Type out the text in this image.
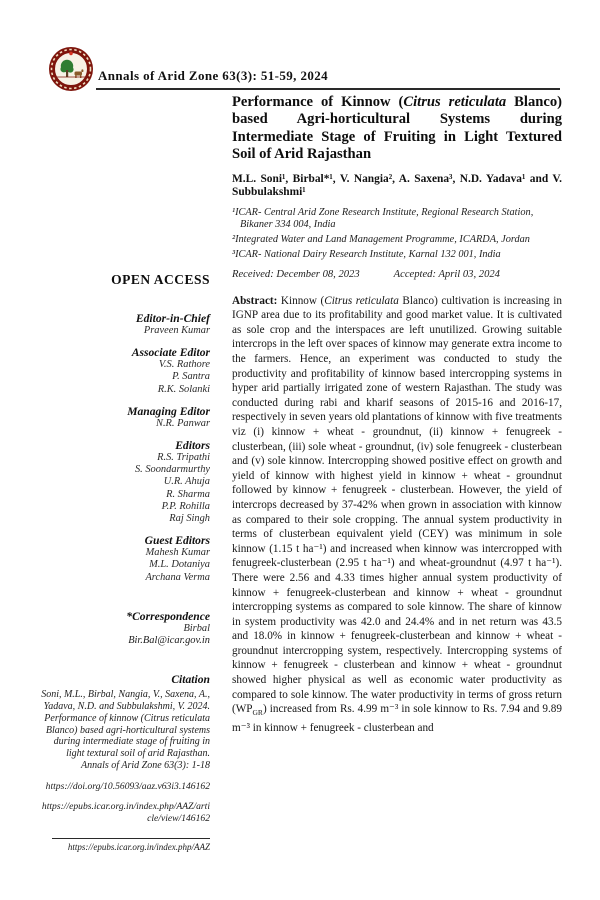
Annals of Arid Zone 63(3): 51-59, 2024
Performance of Kinnow (Citrus reticulata Blanco) based Agri-horticultural Systems during Intermediate Stage of Fruiting in Light Textured Soil of Arid Rajasthan
M.L. Soni¹, Birbal*¹, V. Nangia², A. Saxena³, N.D. Yadava¹ and V. Subbulakshmi¹
¹ICAR- Central Arid Zone Research Institute, Regional Research Station, Bikaner 334 004, India
²Integrated Water and Land Management Programme, ICARDA, Jordan
³ICAR- National Dairy Research Institute, Karnal 132 001, India
Received: December 08, 2023	Accepted: April 03, 2024

Abstract: Kinnow (Citrus reticulata Blanco) cultivation is increasing in IGNP area due to its profitability and good market value. It is cultivated as sole crop and the interspaces are left unutilized. Growing suitable intercrops in the left over spaces of kinnow may generate extra income to the farmers. Hence, an experiment was conducted to study the productivity and profitability of kinnow based intercropping systems in hyper arid partially irrigated zone of western Rajasthan. The study was conducted during rabi and kharif seasons of 2015-16 and 2016-17, respectively in seven years old plantations of kinnow with five treatments viz (i) kinnow + wheat - groundnut, (ii) kinnow + fenugreek - clusterbean, (iii) sole wheat - groundnut, (iv) sole fenugreek - clusterbean and (v) sole kinnow. Intercropping showed positive effect on growth and yield of kinnow with highest yield in kinnow + wheat - groundnut followed by kinnow + fenugreek - clusterbean. However, the yield of intercrops decreased by 37-42% when grown in association with kinnow as compared to their sole cropping. The annual system productivity in terms of clusterbean equivalent yield (CEY) was minimum in sole kinnow (1.15 t ha⁻¹) and increased when kinnow was intercropped with fenugreek-clusterbean (2.95 t ha⁻¹) and wheat-groundnut (4.97 t ha⁻¹). There were 2.56 and 4.33 times higher annual system productivity of kinnow + fenugreek-clusterbean and kinnow + wheat - groundnut intercropping systems as compared to sole kinnow. The share of kinnow in system productivity was 42.0 and 24.4% and in net return was 43.5 and 18.0% in kinnow + fenugreek-clusterbean and kinnow + wheat - groundnut intercropping system, respectively. Intercropping systems of kinnow + fenugreek - clusterbean and kinnow + wheat - groundnut showed higher physical as well as economic water productivity as compared to sole kinnow. The water productivity in terms of gross return $(WP_{GR})$ increased from Rs. 4.99 m⁻³ in sole kinnow to Rs. 7.94 and 9.89 m⁻³ in kinnow + fenugreek - clusterbean and

OPEN ACCESS
Editor-in-Chief
Praveen Kumar
Associate Editor
V.S. Rathore
P. Santra
R.K. Solanki
Managing Editor
N.R. Panwar
Editors
R.S. Tripathi
S. Soondarmurthy
U.R. Ahuja
R. Sharma
P.P. Rohilla
Raj Singh
Guest Editors
Mahesh Kumar
M.L. Dotaniya
Archana Verma
*Correspondence
Birbal
Bir.Bal@icar.gov.in
Citation
Soni, M.L., Birbal, Nangia, V., Saxena, A., Yadava, N.D. and Subbulakshmi, V. 2024. Performance of kinnow (Citrus reticulata Blanco) based agri-horticultural systems during intermediate stage of fruiting in light textural soil of arid Rajasthan. Annals of Arid Zone 63(3): 1-18
https://doi.org/10.56093/aaz.v63i3.146162
https://epubs.icar.org.in/index.php/AAZ/article/view/146162
https://epubs.icar.org.in/index.php/AAZ
